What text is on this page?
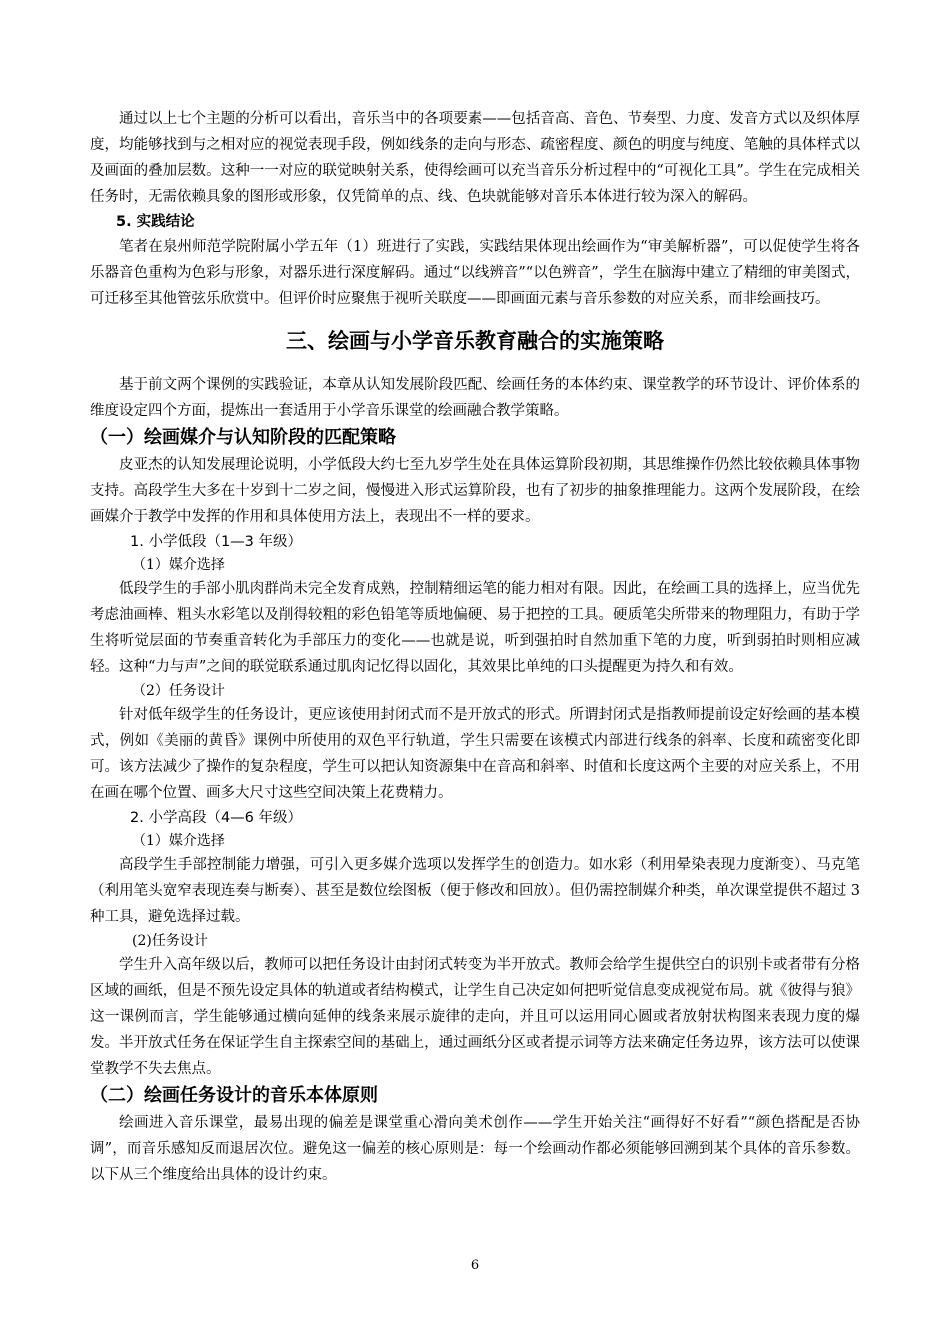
通过以上七个主题的分析可以看出，音乐当中的各项要素——包括音高、音色、节奏型、力度、发音方式以及织体厚度，均能够找到与之相对应的视觉表现手段，例如线条的走向与形态、疏密程度、颜色的明度与纯度、笔触的具体样式以及画面的叠加层数。这种一一对应的联觉映射关系，使得绘画可以充当音乐分析过程中的“可视化工具”。学生在完成相关任务时，无需依赖具象的图形或形象，仅凭简单的点、线、色块就能够对音乐本体进行较为深入的解码。

5. 实践结论

笔者在泉州师范学院附属小学五年（1）班进行了实践，实践结果体现出绘画作为“审美解析器”，可以促使学生将各乐器音色重构为色彩与形象，对器乐进行深度解码。通过“以线辨音”“以色辨音”，学生在脑海中建立了精细的审美图式，可迁移至其他管弦乐欣赏中。但评价时应聚焦于视听关联度——即画面元素与音乐参数的对应关系，而非绘画技巧。

三、绘画与小学音乐教育融合的实施策略

基于前文两个课例的实践验证，本章从认知发展阶段匹配、绘画任务的本体约束、课堂教学的环节设计、评价体系的维度设定四个方面，提炼出一套适用于小学音乐课堂的绘画融合教学策略。

（一）绘画媒介与认知阶段的匹配策略

皮亚杰的认知发展理论说明，小学低段大约七至九岁学生处在具体运算阶段初期，其思维操作仍然比较依赖具体事物支持。高段学生大多在十岁到十二岁之间，慢慢进入形式运算阶段，也有了初步的抽象推理能力。这两个发展阶段，在绘画媒介于教学中发挥的作用和具体使用方法上，表现出不一样的要求。

1. 小学低段（1—3 年级）

（1）媒介选择

低段学生的手部小肌肉群尚未完全发育成熟，控制精细运笔的能力相对有限。因此，在绘画工具的选择上，应当优先考虑油画棒、粗头水彩笔以及削得较粗的彩色铅笔等质地偏硬、易于把控的工具。硬质笔尖所带来的物理阻力，有助于学生将听觉层面的节奏重音转化为手部压力的变化——也就是说，听到强拍时自然加重下笔的力度，听到弱拍时则相应减轻。这种“力与声”之间的联觉联系通过肌肉记忆得以固化，其效果比单纯的口头提醒更为持久和有效。

（2）任务设计

针对低年级学生的任务设计，更应该使用封闭式而不是开放式的形式。所谓封闭式是指教师提前设定好绘画的基本模式，例如《美丽的黄昏》课例中所使用的双色平行轨道，学生只需要在该模式内部进行线条的斜率、长度和疏密变化即可。该方法减少了操作的复杂程度，学生可以把认知资源集中在音高和斜率、时值和长度这两个主要的对应关系上，不用在画在哪个位置、画多大尺寸这些空间决策上花费精力。

2. 小学高段（4—6 年级）

（1）媒介选择

高段学生手部控制能力增强，可引入更多媒介选项以发挥学生的创造力。如水彩（利用晕染表现力度渐变）、马克笔（利用笔头宽窄表现连奏与断奏）、甚至是数位绘图板（便于修改和回放）。但仍需控制媒介种类，单次课堂提供不超过 3 种工具，避免选择过载。

(2)任务设计

学生升入高年级以后，教师可以把任务设计由封闭式转变为半开放式。教师会给学生提供空白的识别卡或者带有分格区域的画纸，但是不预先设定具体的轨道或者结构模式，让学生自己决定如何把听觉信息变成视觉布局。就《彼得与狼》这一课例而言，学生能够通过横向延伸的线条来展示旋律的走向，并且可以运用同心圆或者放射状构图来表现力度的爆发。半开放式任务在保证学生自主探索空间的基础上，通过画纸分区或者提示词等方法来确定任务边界，该方法可以使课堂教学不失去焦点。

（二）绘画任务设计的音乐本体原则

绘画进入音乐课堂，最易出现的偏差是课堂重心滑向美术创作——学生开始关注“画得好不好看”“颜色搭配是否协调”，而音乐感知反而退居次位。避免这一偏差的核心原则是：每一个绘画动作都必须能够回溯到某个具体的音乐参数。以下从三个维度给出具体的设计约束。

6
